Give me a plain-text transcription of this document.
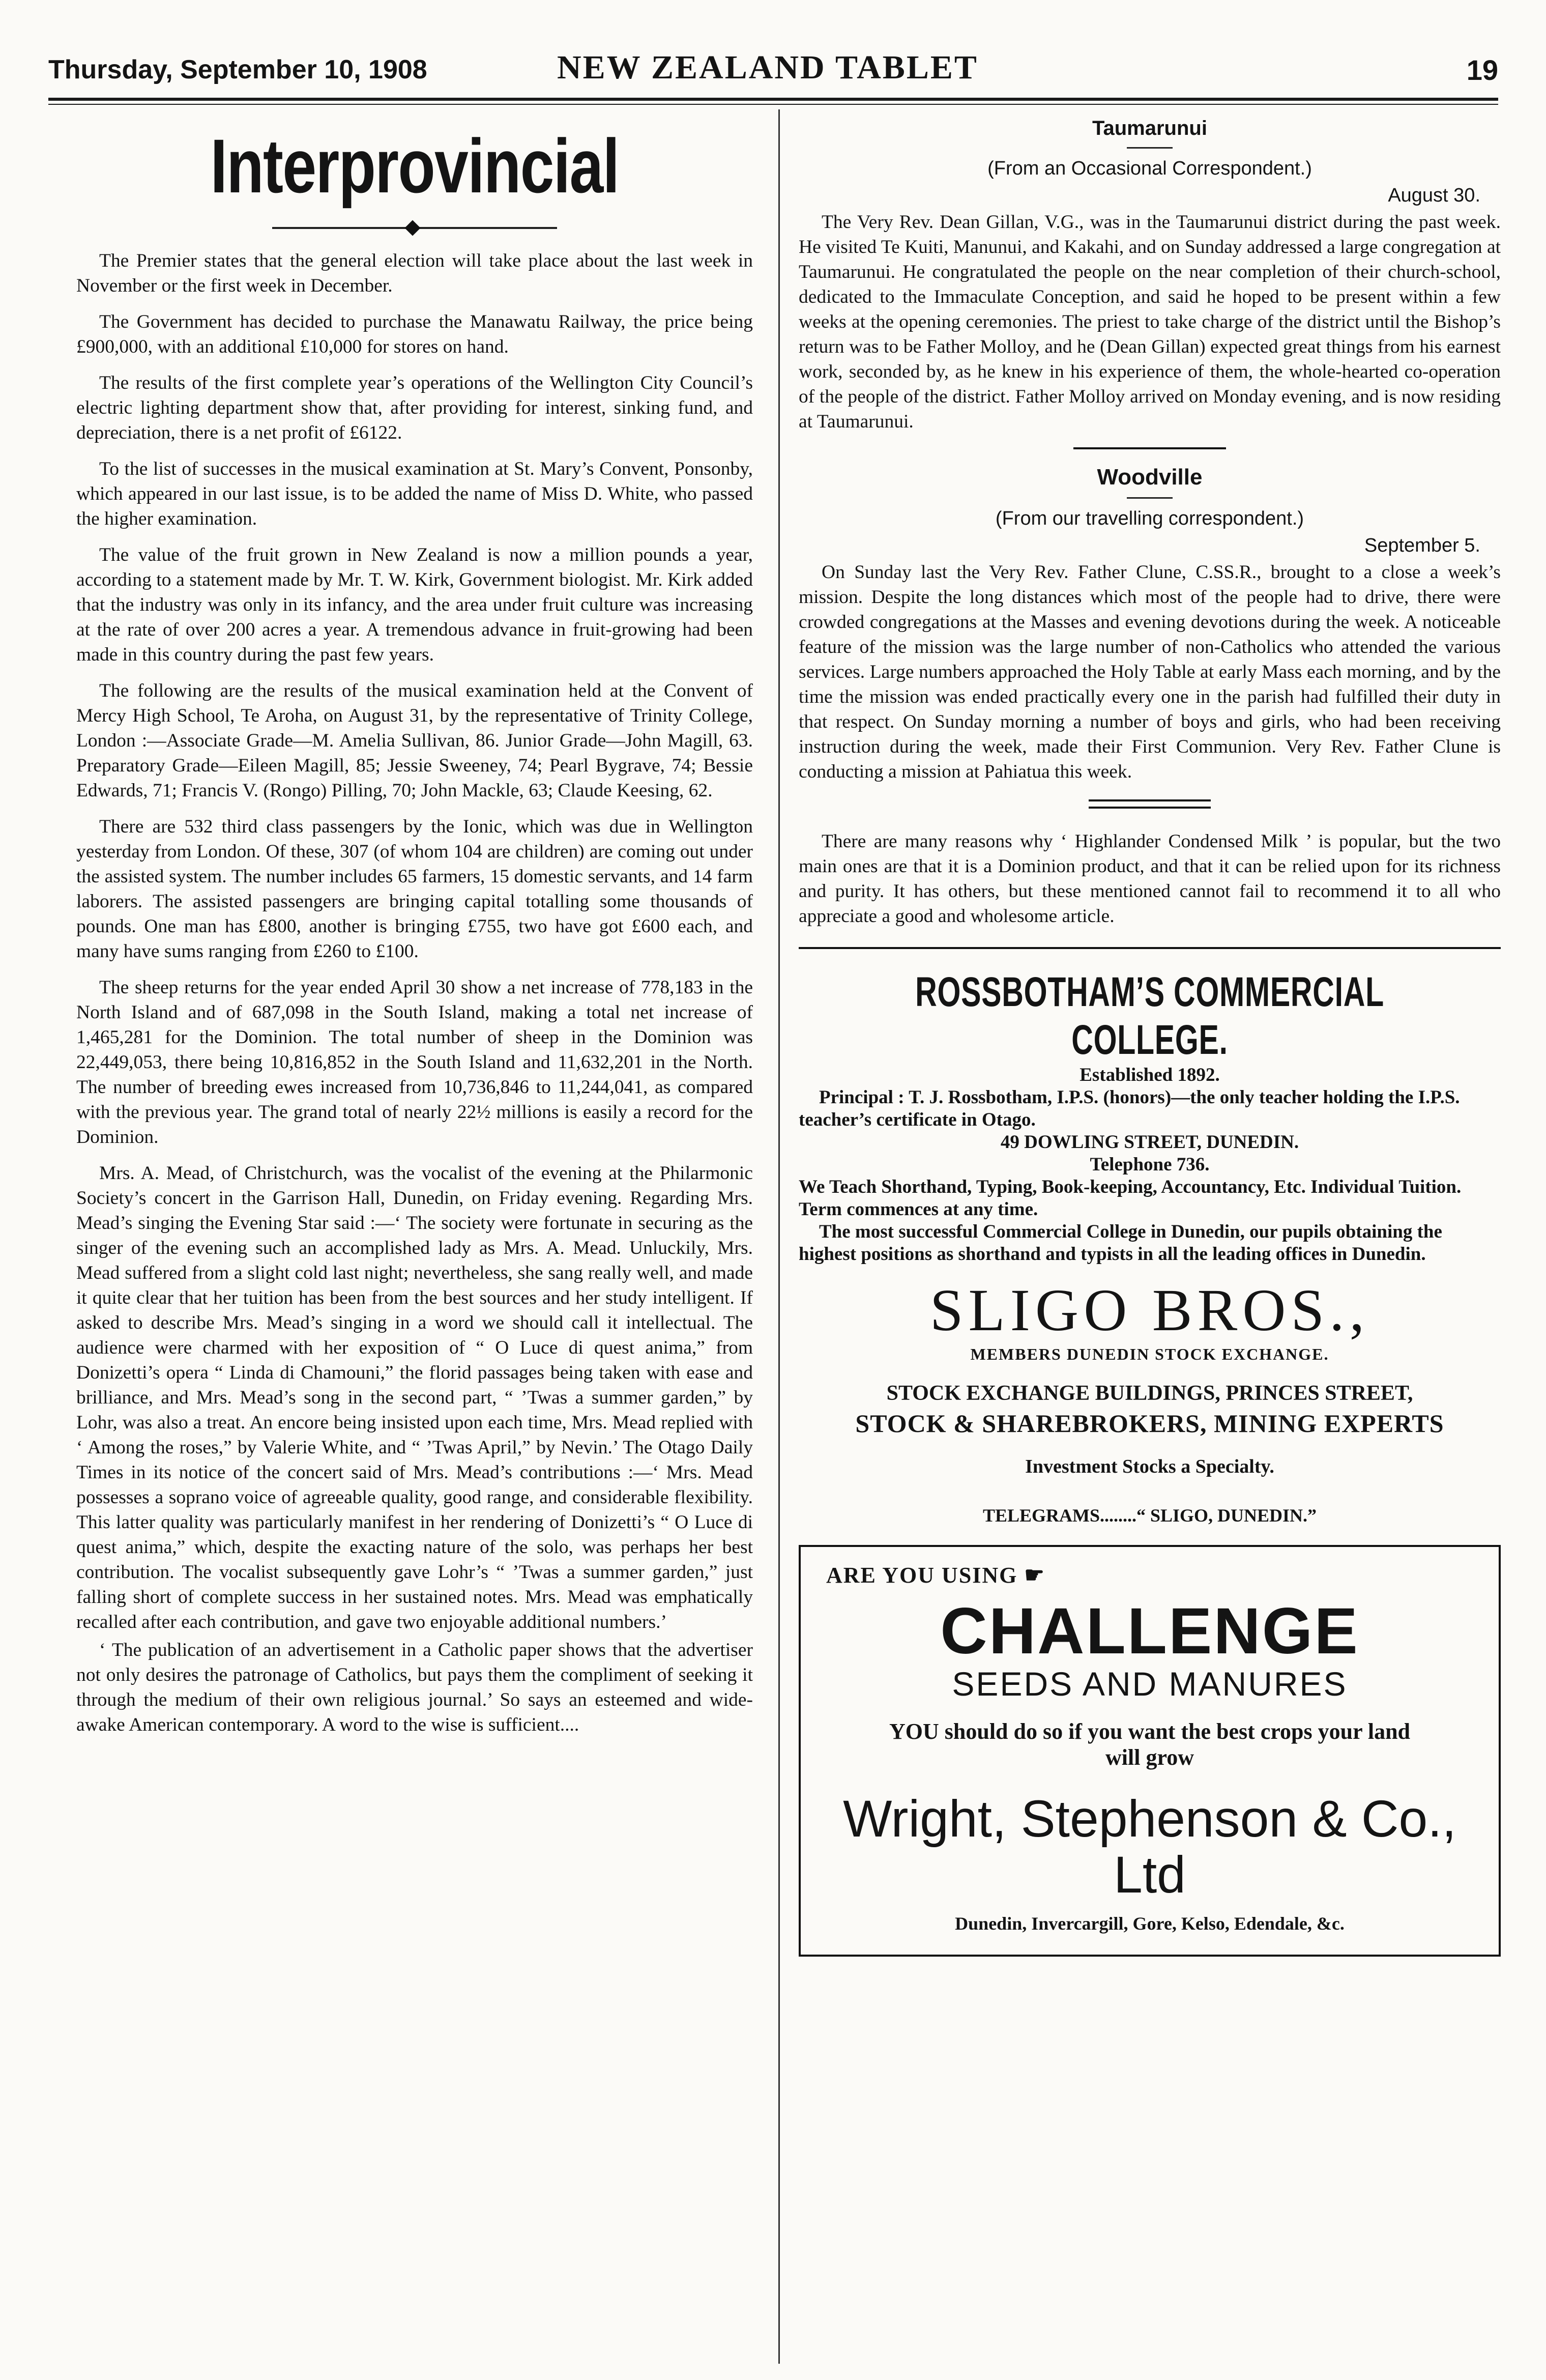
Thursday, September 10, 1908	NEW ZEALAND TABLET	19
Interprovincial

The Premier states that the general election will take place about the last week in November or the first week in December.

The Government has decided to purchase the Manawatu Railway, the price being £900,000, with an additional £10,000 for stores on hand.

The results of the first complete year’s operations of the Wellington City Council’s electric lighting department show that, after providing for interest, sinking fund, and depreciation, there is a net profit of £6122.

To the list of successes in the musical examination at St. Mary’s Convent, Ponsonby, which appeared in our last issue, is to be added the name of Miss D. White, who passed the higher examination.

The value of the fruit grown in New Zealand is now a million pounds a year, according to a statement made by Mr. T. W. Kirk, Government biologist. Mr. Kirk added that the industry was only in its infancy, and the area under fruit culture was increasing at the rate of over 200 acres a year. A tremendous advance in fruit-growing had been made in this country during the past few years.

The following are the results of the musical examination held at the Convent of Mercy High School, Te Aroha, on August 31, by the representative of Trinity College, London :—Associate Grade—M. Amelia Sullivan, 86. Junior Grade—John Magill, 63. Preparatory Grade—Eileen Magill, 85; Jessie Sweeney, 74; Pearl Bygrave, 74; Bessie Edwards, 71; Francis V. (Rongo) Pilling, 70; John Mackle, 63; Claude Keesing, 62.

There are 532 third class passengers by the Ionic, which was due in Wellington yesterday from London. Of these, 307 (of whom 104 are children) are coming out under the assisted system. The number includes 65 farmers, 15 domestic servants, and 14 farm laborers. The assisted passengers are bringing capital totalling some thousands of pounds. One man has £800, another is bringing £755, two have got £600 each, and many have sums ranging from £260 to £100.

The sheep returns for the year ended April 30 show a net increase of 778,183 in the North Island and of 687,098 in the South Island, making a total net increase of 1,465,281 for the Dominion. The total number of sheep in the Dominion was 22,449,053, there being 10,816,852 in the South Island and 11,632,201 in the North. The number of breeding ewes increased from 10,736,846 to 11,244,041, as compared with the previous year. The grand total of nearly 22½ millions is easily a record for the Dominion.

Mrs. A. Mead, of Christchurch, was the vocalist of the evening at the Philarmonic Society’s concert in the Garrison Hall, Dunedin, on Friday evening. Regarding Mrs. Mead’s singing the Evening Star said :—‘ The society were fortunate in securing as the singer of the evening such an accomplished lady as Mrs. A. Mead. Unluckily, Mrs. Mead suffered from a slight cold last night; nevertheless, she sang really well, and made it quite clear that her tuition has been from the best sources and her study intelligent. If asked to describe Mrs. Mead’s singing in a word we should call it intellectual. The audience were charmed with her exposition of “ O Luce di quest anima,” from Donizetti’s opera “ Linda di Chamouni,” the florid passages being taken with ease and brilliance, and Mrs. Mead’s song in the second part, “ ’Twas a summer garden,” by Lohr, was also a treat. An encore being insisted upon each time, Mrs. Mead replied with ‘ Among the roses,” by Valerie White, and “ ’Twas April,” by Nevin.’ The Otago Daily Times in its notice of the concert said of Mrs. Mead’s contributions :—‘ Mrs. Mead possesses a soprano voice of agreeable quality, good range, and considerable flexibility. This latter quality was particularly manifest in her rendering of Donizetti’s “ O Luce di quest anima,” which, despite the exacting nature of the solo, was perhaps her best contribution. The vocalist subsequently gave Lohr’s “ ’Twas a summer garden,” just falling short of complete success in her sustained notes. Mrs. Mead was emphatically recalled after each contribution, and gave two enjoyable additional numbers.’

‘ The publication of an advertisement in a Catholic paper shows that the advertiser not only desires the patronage of Catholics, but pays them the compliment of seeking it through the medium of their own religious journal.’ So says an esteemed and wide-awake American contemporary. A word to the wise is sufficient....

Taumarunui
(From an Occasional Correspondent.)
August 30.

The Very Rev. Dean Gillan, V.G., was in the Taumarunui district during the past week. He visited Te Kuiti, Manunui, and Kakahi, and on Sunday addressed a large congregation at Taumarunui. He congratulated the people on the near completion of their church-school, dedicated to the Immaculate Conception, and said he hoped to be present within a few weeks at the opening ceremonies. The priest to take charge of the district until the Bishop’s return was to be Father Molloy, and he (Dean Gillan) expected great things from his earnest work, seconded by, as he knew in his experience of them, the whole-hearted co-operation of the people of the district. Father Molloy arrived on Monday evening, and is now residing at Taumarunui.

Woodville
(From our travelling correspondent.)
September 5.

On Sunday last the Very Rev. Father Clune, C.SS.R., brought to a close a week’s mission. Despite the long distances which most of the people had to drive, there were crowded congregations at the Masses and evening devotions during the week. A noticeable feature of the mission was the large number of non-Catholics who attended the various services. Large numbers approached the Holy Table at early Mass each morning, and by the time the mission was ended practically every one in the parish had fulfilled their duty in that respect. On Sunday morning a number of boys and girls, who had been receiving instruction during the week, made their First Communion. Very Rev. Father Clune is conducting a mission at Pahiatua this week.

There are many reasons why ‘ Highlander Condensed Milk ’ is popular, but the two main ones are that it is a Dominion product, and that it can be relied upon for its richness and purity. It has others, but these mentioned cannot fail to recommend it to all who appreciate a good and wholesome article.

ROSSBOTHAM’S COMMERCIAL COLLEGE.

Established 1892.

Principal : T. J. Rossbotham, I.P.S. (honors)—the only teacher holding the I.P.S. teacher’s certificate in Otago.

49 DOWLING STREET, DUNEDIN.

Telephone 736.

We Teach Shorthand, Typing, Book-keeping, Accountancy, Etc. Individual Tuition. Term commences at any time.

The most successful Commercial College in Dunedin, our pupils obtaining the highest positions as shorthand and typists in all the leading offices in Dunedin.

SLIGO BROS.,
MEMBERS DUNEDIN STOCK EXCHANGE.

STOCK EXCHANGE BUILDINGS, PRINCES STREET,

STOCK & SHAREBROKERS, MINING EXPERTS

Investment Stocks a Specialty.

TELEGRAMS........“ SLIGO, DUNEDIN.”

ARE YOU USING ☛

CHALLENGE

SEEDS AND MANURES

YOU should do so if you want the best crops your land

will grow

Wright, Stephenson & Co., Ltd

Dunedin, Invercargill, Gore, Kelso, Edendale, &c.
